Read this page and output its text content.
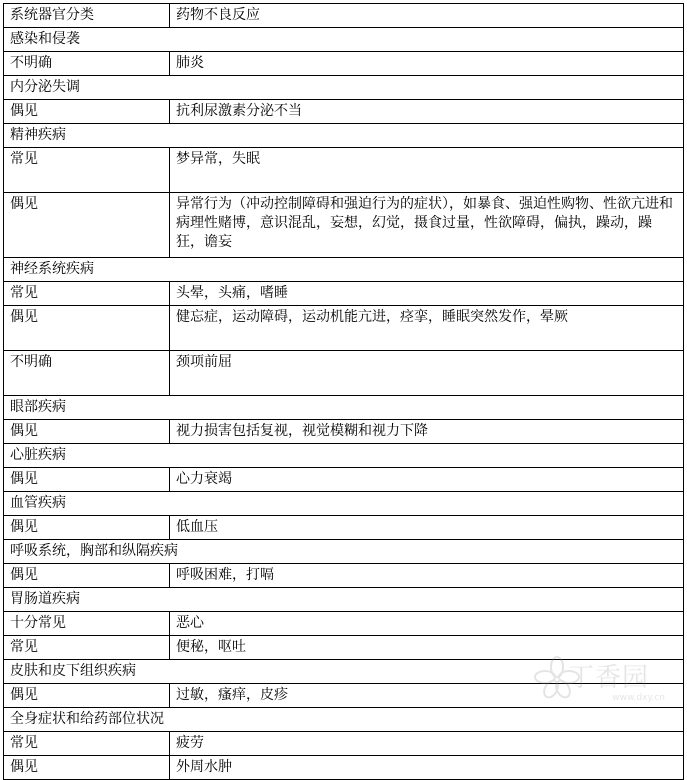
系统器官分类	药物不良反应
感染和侵袭	
不明确	肺炎
内分泌失调	
偶见	抗利尿激素分泌不当
精神疾病	
常见	梦异常，失眠
偶见	异常行为（冲动控制障碍和强迫行为的症状），如暴食、强迫性购物、性欲亢进和病理性赌博，意识混乱，妄想，幻觉，摄食过量，性欲障碍，偏执，躁动，躁狂，谵妄
神经系统疾病	
常见	头晕，头痛，嗜睡
偶见	健忘症，运动障碍，运动机能亢进，痉挛，睡眠突然发作，晕厥
不明确	颈项前屈
眼部疾病	
偶见	视力损害包括复视，视觉模糊和视力下降
心脏疾病	
偶见	心力衰竭
血管疾病	
偶见	低血压
呼吸系统，胸部和纵隔疾病	
偶见	呼吸困难，打嗝
胃肠道疾病	
十分常见	恶心
常见	便秘，呕吐
皮肤和皮下组织疾病	
偶见	过敏，瘙痒，皮疹
全身症状和给药部位状况	
常见	疲劳
偶见	外周水肿
丁香园
www.dxy.cn
